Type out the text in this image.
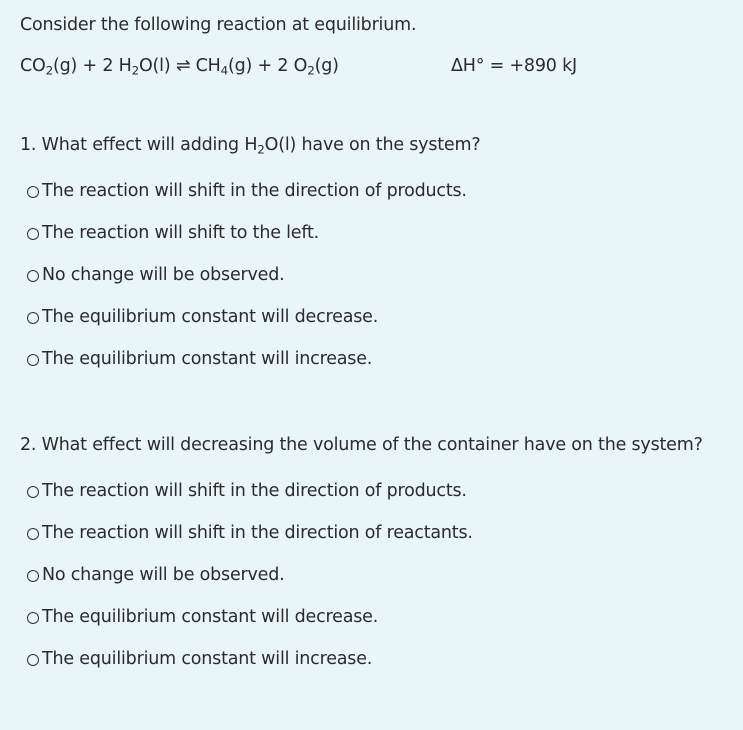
Consider the following reaction at equilibrium.
$CO_2(g) + 2$ $H_2O(l)$ ⇌ $CH_4(g) + 2$ $O_2(g)$	ΔH° = +890 kJ
1. What effect will adding $H_2O(l)$ have on the system?
The reaction will shift in the direction of products.
The reaction will shift to the left.
No change will be observed.
The equilibrium constant will decrease.
The equilibrium constant will increase.
2. What effect will decreasing the volume of the container have on the system?
The reaction will shift in the direction of products.
The reaction will shift in the direction of reactants.
No change will be observed.
The equilibrium constant will decrease.
The equilibrium constant will increase.
